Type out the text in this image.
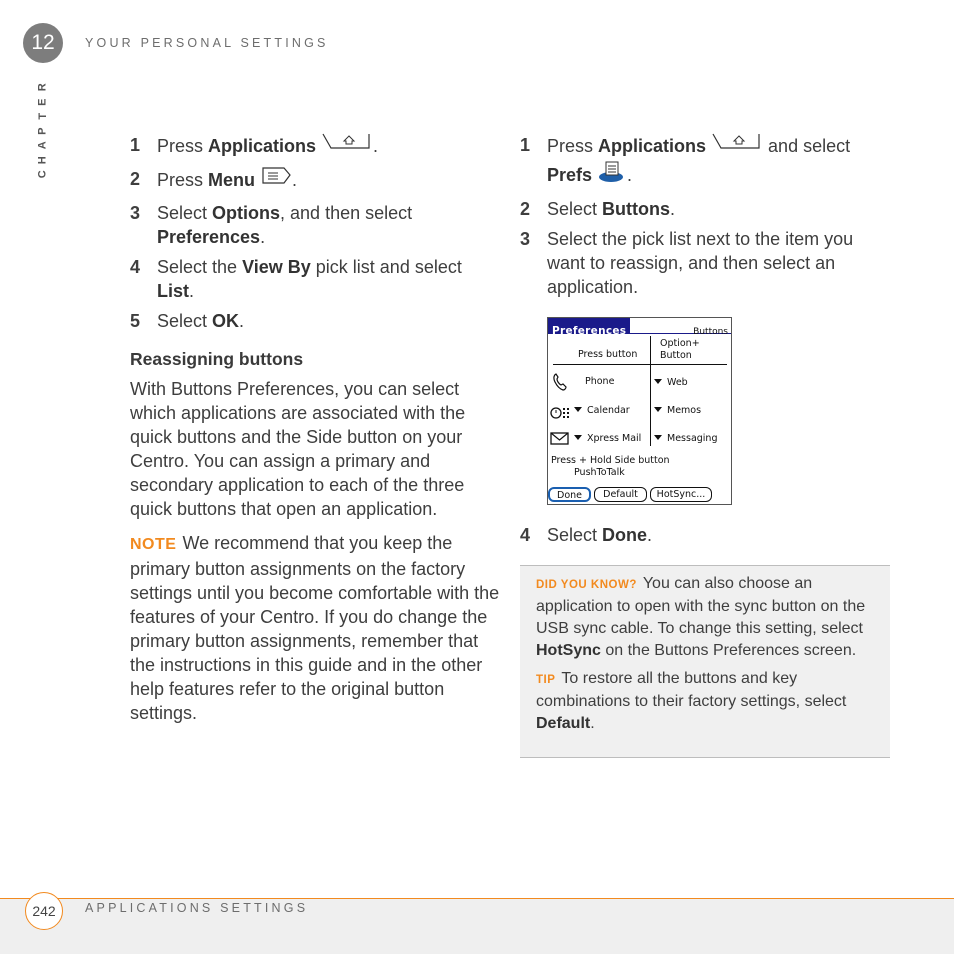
12	YOUR PERSONAL SETTINGS
R
E
T
P
A
H
C
1 Press Applications	.
2 Press Menu .
3 Select Options, and then select Preferences.
4 Select the View By pick list and select List.
5 Select OK.
Reassigning buttons

With Buttons Preferences, you can select which applications are associated with the quick buttons and the Side button on your Centro. You can assign a primary and secondary application to each of the three quick buttons that open an application.

NOTE We recommend that you keep the primary button assignments on the factory settings until you become comfortable with the features of your Centro. If you do change the primary button assignments, remember that the instructions in this guide and in the other help features refer to the original button settings.

1 Press Applications	and select Prefs .
2 Select Buttons.
3 Select the pick list next to the item you want to reassign, and then select an application.
Preferences	Buttons
Press button
Option+
Button
Phone	Web
Calendar	Memos
Xpress Mail	Messaging
Press + Hold Side button
PushToTalk
Done	Default	HotSync...
4 Select Done.

DID YOU KNOW? You can also choose an application to open with the sync button on the USB sync cable. To change this setting, select HotSync on the Buttons Preferences screen.

TIP To restore all the buttons and key combinations to their factory settings, select Default.

242	APPLICATIONS SETTINGS
